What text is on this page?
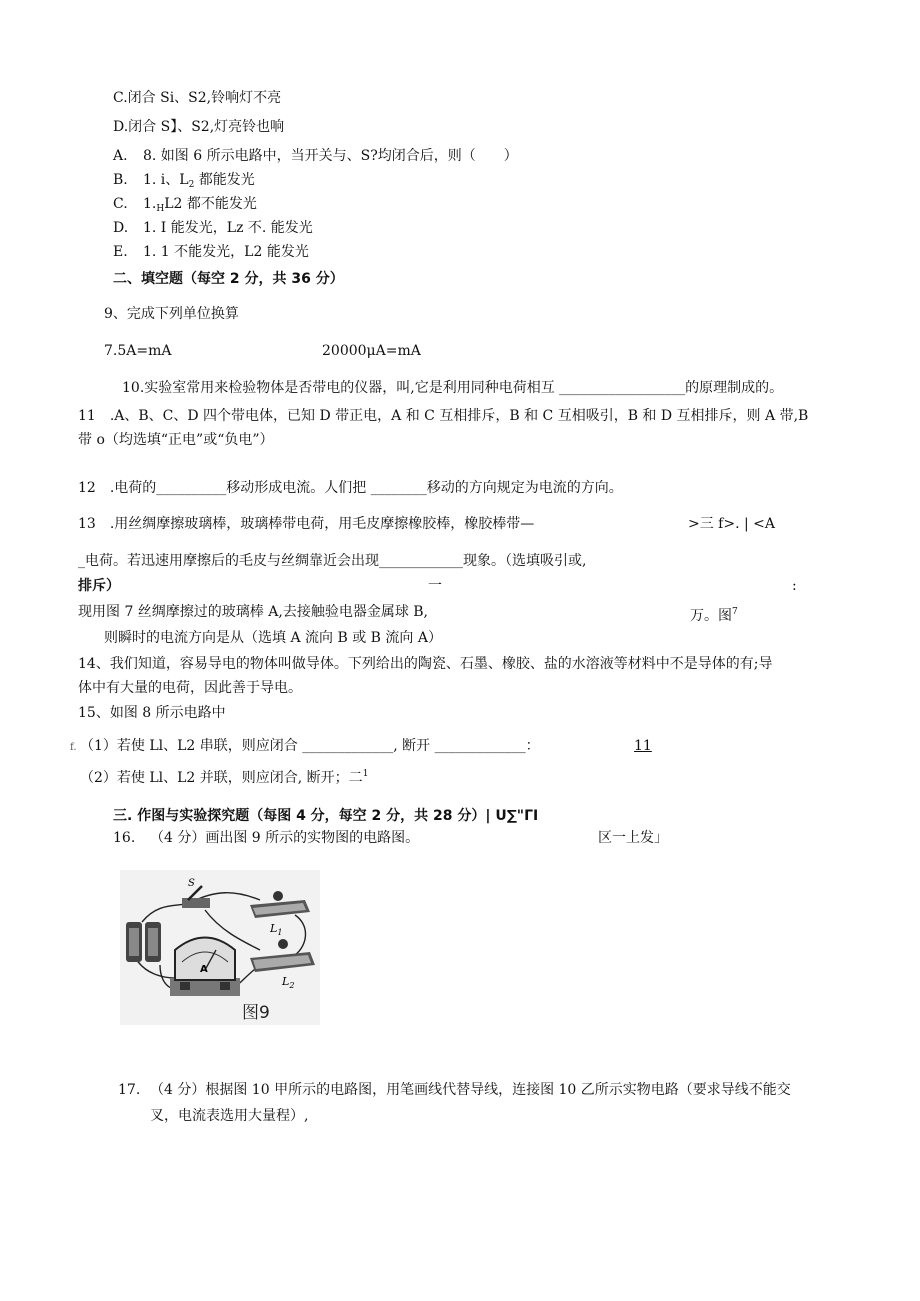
C.闭合 Si、S2,铃响灯不亮
D.闭合 S】、S2,灯亮铃也响
A. 8. 如图 6 所示电路中，当开关与、S?均闭合后，则（　　）
B. 1. i、$L_2$ 都能发光
C. $1._HL2$ 都不能发光
D. 1. I 能发光，Lz 不. 能发光
E. 1. 1 不能发光，L2 能发光
二、填空题（每空 2 分，共 36 分）
9、完成下列单位换算
7.5A=mA	20000μA=mA
10.实验室常用来检验物体是否带电的仪器，叫,它是利用同种电荷相互 __________________的原理制成的。
11　.A、B、C、D 四个带电体，已知 D 带正电，A 和 C 互相排斥，B 和 C 互相吸引，B 和 D 互相排斥，则 A 带,B
带 o（均选填“正电”或“负电”）
12　.电荷的__________移动形成电流。人们把 ________移动的方向规定为电流的方向。
13　.用丝绸摩擦玻璃棒，玻璃棒带电荷，用毛皮摩擦橡胶棒，橡胶棒带—	>三 f>. | <A
_电荷。若迅速用摩擦后的毛皮与丝绸靠近会出现____________现象。（选填吸引或,
排斥）	一	:
现用图 7 丝绸摩擦过的玻璃棒 A,去接触验电器金属球 B,	万。图$^7$
则瞬时的电流方向是从（选填 A 流向 B 或 B 流向 A）
14、我们知道，容易导电的物体叫做导体。下列给出的陶瓷、石墨、橡胶、盐的水溶液等材料中不是导体的有;导
体中有大量的电荷，因此善于导电。
15、如图 8 所示电路中
f. （1）若使 Ll、L2 串联，则应闭合 _____________, 断开 _____________：	11
（2）若使 Ll、L2 并联，则应闭合, 断开；二$^1$
三. 作图与实验探究题（每图 4 分，每空 2 分，共 28 分）| U∑"ΓI
16. （4 分）画出图 9 所示的实物图的电路图。	区一上发」
S
$L_1$
$L_2$
A
图9
17. （4 分）根据图 10 甲所示的电路图，用笔画线代替导线，连接图 10 乙所示实物电路（要求导线不能交
叉，电流表选用大量程）,
